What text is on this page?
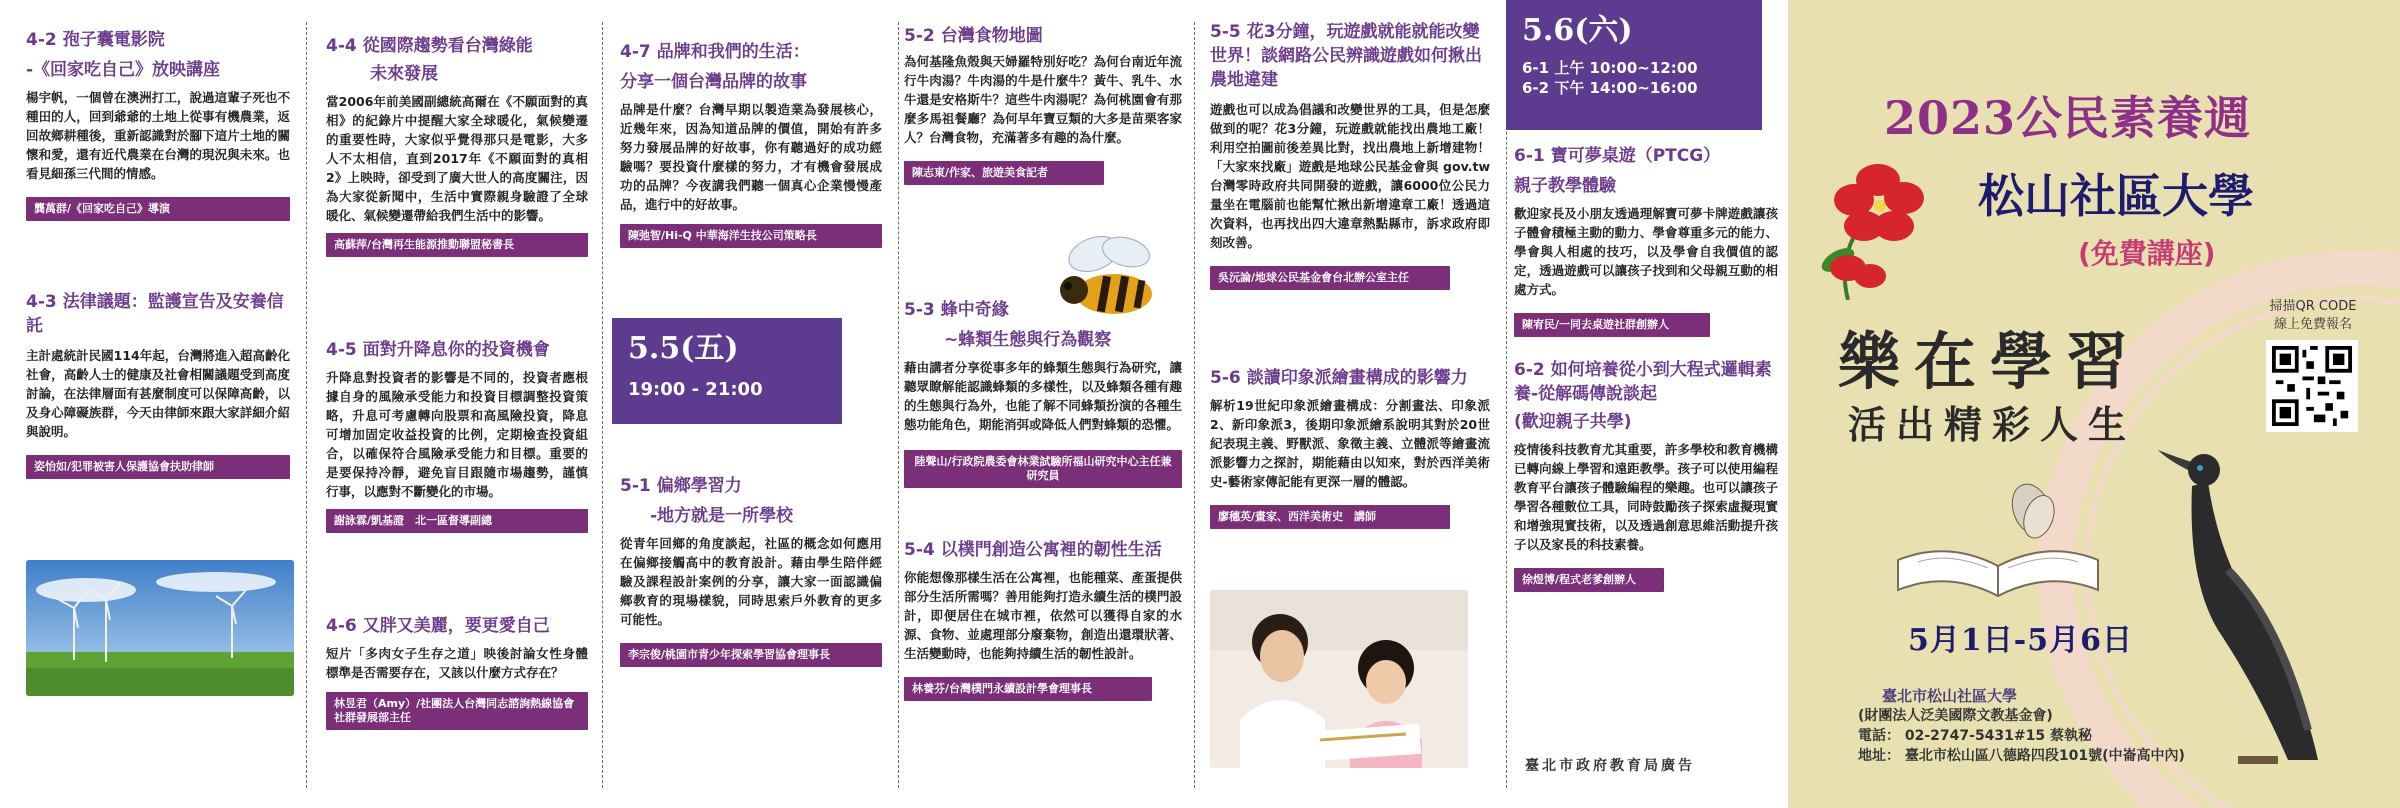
4-2 孢子囊電影院
-《回家吃自己》放映講座
楊宇帆，一個曾在澳洲打工，說過這輩子死也不種田的人，回到爺爺的土地上從事有機農業，返回故鄉耕種後，重新認識對於腳下這片土地的關懷和愛，還有近代農業在台灣的現況與未來。也看見細孫三代間的情感。
龔萬群/《回家吃自己》導演
4-3 法律議題：監護宣告及安養信託
主計處統計民國114年起，台灣將進入超高齡化社會，高齡人士的健康及社會相關議題受到高度討論，在法律層面有甚麼制度可以保障高齡，以及身心障礙族群，今天由律師來跟大家詳細介紹與說明。
姿怡如/犯罪被害人保護協會扶助律師
4-4 從國際趨勢看台灣綠能
未來發展
當2006年前美國副總統高爾在《不願面對的真相》的紀錄片中提醒大家全球暖化，氣候變遷的重要性時，大家似乎覺得那只是電影，大多人不太相信，直到2017年《不願面對的真相2》上映時，卻受到了廣大世人的高度關注，因為大家從新聞中，生活中實際親身驗證了全球暖化、氣候變遷帶給我們生活中的影響。
高蘇萍/台灣再生能源推動聯盟秘書長
4-5 面對升降息你的投資機會
升降息對投資者的影響是不同的，投資者應根據自身的風險承受能力和投資目標調整投資策略，升息可考慮轉向股票和高風險投資，降息可增加固定收益投資的比例，定期檢查投資組合，以確保符合風險承受能力和目標。重要的是要保持冷靜，避免盲目跟隨市場趨勢，謹慎行事，以應對不斷變化的市場。
謝詠霖/凱基證　北一區督導副總
4-6 又胖又美麗，要更愛自己
短片「多肉女子生存之道」映後討論女性身體標準是否需要存在，又該以什麼方式存在？
林昱君（Amy）/社團法人台灣同志諮詢熱線協會社群發展部主任
4-7 品牌和我們的生活：
分享一個台灣品牌的故事
品牌是什麼？台灣早期以製造業為發展核心，近幾年來，因為知道品牌的價值，開始有許多努力發展品牌的好故事，你有聽過好的成功經驗嗎？要投資什麼樣的努力，才有機會發展成功的品牌？今夜講我們聽一個真心企業慢慢產品，進行中的好故事。
陳弛智/Hi-Q 中華海洋生技公司策略長
5.5(五)
19:00 - 21:00
5-1 偏鄉學習力
-地方就是一所學校
從青年回鄉的角度談起，社區的概念如何應用在偏鄉接觸高中的教育設計。藉由學生陪伴經驗及課程設計案例的分享，讓大家一面認識偏鄉教育的現場樣貌，同時思索戶外教育的更多可能性。
李宗俊/桃園市青少年探索學習協會理事長
5-2 台灣食物地圖
為何基隆魚殼與天婦羅特別好吃？為何台南近年流行牛肉湯？牛肉湯的牛是什麼牛？黃牛、乳牛、水牛還是安格斯牛？這些牛肉湯呢？為何桃園會有那麼多馬祖餐廳？為何早年寶豆類的大多是苗栗客家人？台灣食物，充滿著多有趣的為什麼。
陳志東/作家、旅遊美食記者
5-3 蜂中奇緣
~蜂類生態與行為觀察
藉由講者分享從事多年的蜂類生態與行為研究，讓聽眾瞭解能認識蜂類的多樣性，以及蜂類各種有趣的生態與行為外，也能了解不同蜂類扮演的各種生態功能角色，期能消弭或降低人們對蜂類的恐懼。
陸聲山/行政院農委會林業試驗所福山研究中心主任兼研究員
5-4 以樸門創造公寓裡的韌性生活
你能想像那樣生活在公寓裡，也能種菜、產蛋提供部分生活所需嗎？善用能夠打造永續生活的樸門設計，即便居住在城市裡，依然可以獲得自家的水源、食物、並處理部分廢棄物，創造出還環狀著、生活變動時，也能夠持續生活的韌性設計。
林養芬/台灣樸門永續設計學會理事長
5-5 花3分鐘，玩遊戲就能就能改變世界！談網路公民辨識遊戲如何揪出農地違建
遊戲也可以成為倡議和改變世界的工具，但是怎麼做到的呢？花3分鐘，玩遊戲就能找出農地工廠！利用空拍圖前後差異比對，找出農地上新增建物！「大家來找廠」遊戲是地球公民基金會與 gov.tw 台灣零時政府共同開發的遊戲，讓6000位公民力量坐在電腦前也能幫忙揪出新增違章工廠！透過這次資料，也再找出四大違章熱點縣市，訴求政府即刻改善。
吳沅論/地球公民基金會台北辦公室主任
5-6 談讀印象派繪畫構成的影響力
解析19世紀印象派繪畫構成：分割畫法、印象派2、新印象派3，後期印象派繪系說明其對於20世紀表現主義、野獸派、象徵主義、立體派等繪畫流派影響力之探討，期能藉由以知來，對於西洋美術史-藝術家傳記能有更深一層的體認。
廖穗英/畫家、西洋美術史　講師
5.6(六)
6-1 上午 10:00~12:00
6-2 下午 14:00~16:00
6-1 寶可夢桌遊（PTCG）
親子教學體驗
歡迎家長及小朋友透過理解寶可夢卡牌遊戲讓孩子體會積極主動的動力、學會尊重多元的能力、學會與人相處的技巧，以及學會自我價值的認定，透過遊戲可以讓孩子找到和父母親互動的相處方式。
陳宥民/一同去桌遊社群創辦人
6-2 如何培養從小到大程式邏輯素養-從解碼傳說談起
(歡迎親子共學)
疫情後科技教育尤其重要，許多學校和教育機構已轉向線上學習和遠距教學。孩子可以使用編程教育平台讓孩子體驗編程的樂趣。也可以讓孩子學習各種數位工具，同時鼓勵孩子探索虛擬現實和增強現實技術，以及透過創意思維活動提升孩子以及家長的科技素養。
徐煜博/程式老爹創辦人
臺北市政府教育局廣告
2023公民素養週
松山社區大學
(免費講座)
樂在學習
活出精彩人生
掃描QR CODE
線上免費報名
5月1日-5月6日
臺北市松山社區大學
(財團法人泛美國際文教基金會)
電話： 02-2747-5431#15 蔡執秘
地址： 臺北市松山區八德路四段101號(中崙高中內)
